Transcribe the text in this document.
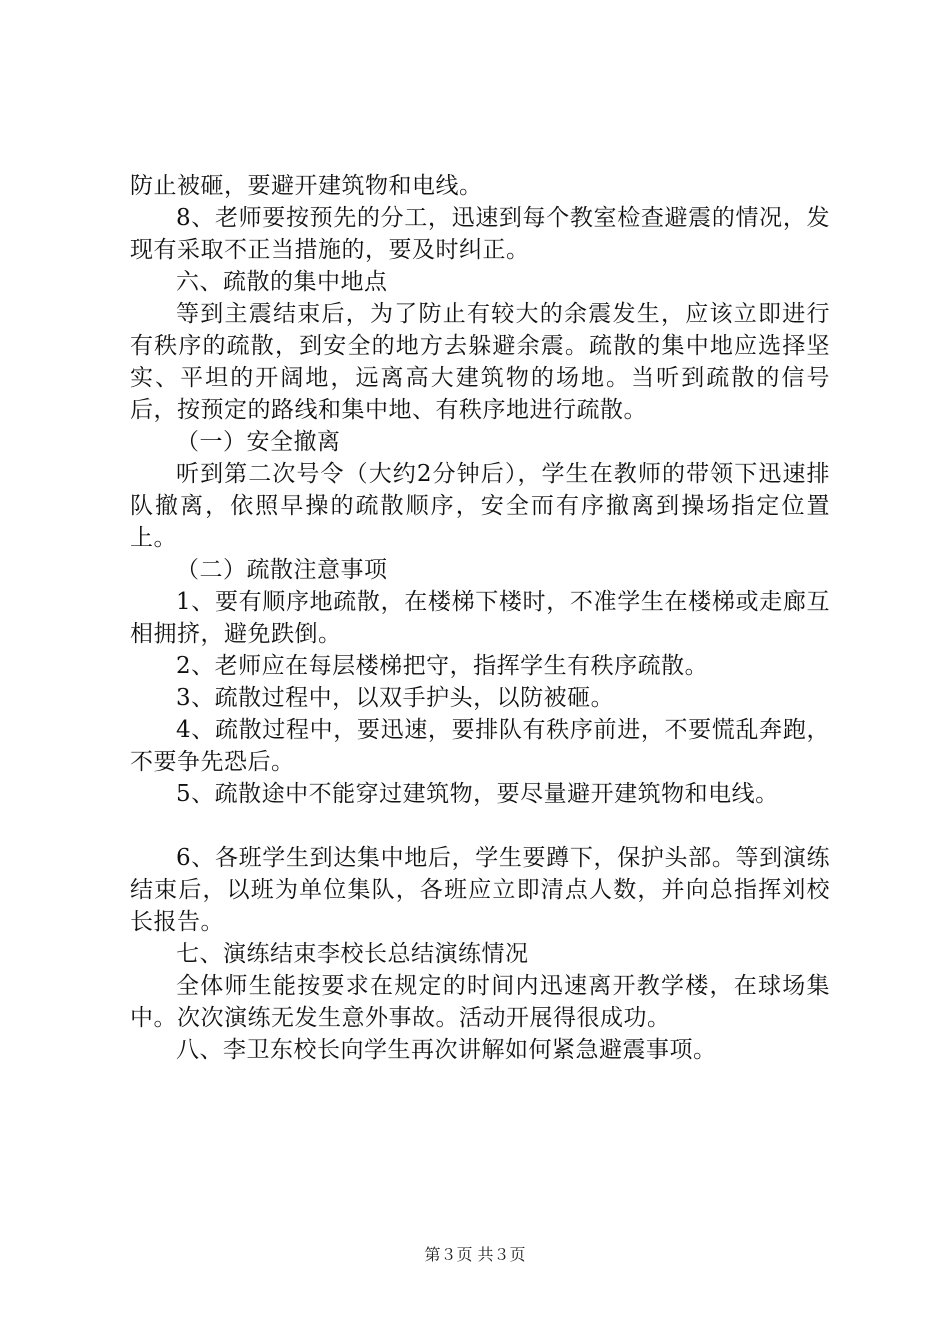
防止被砸，要避开建筑物和电线。

8、老师要按预先的分工，迅速到每个教室检查避震的情况，发现有采取不正当措施的，要及时纠正。

六、疏散的集中地点

等到主震结束后，为了防止有较大的余震发生，应该立即进行有秩序的疏散，到安全的地方去躲避余震。疏散的集中地应选择坚实、平坦的开阔地，远离高大建筑物的场地。当听到疏散的信号后，按预定的路线和集中地、有秩序地进行疏散。

（一）安全撤离

听到第二次号令（大约2分钟后），学生在教师的带领下迅速排队撤离，依照早操的疏散顺序，安全而有序撤离到操场指定位置上。

（二）疏散注意事项

1、要有顺序地疏散，在楼梯下楼时，不准学生在楼梯或走廊互相拥挤，避免跌倒。

2、老师应在每层楼梯把守，指挥学生有秩序疏散。

3、疏散过程中，以双手护头，以防被砸。

4、疏散过程中，要迅速，要排队有秩序前进，不要慌乱奔跑，不要争先恐后。

5、疏散途中不能穿过建筑物，要尽量避开建筑物和电线。

6、各班学生到达集中地后，学生要蹲下，保护头部。等到演练结束后，以班为单位集队，各班应立即清点人数，并向总指挥刘校长报告。

七、演练结束李校长总结演练情况

全体师生能按要求在规定的时间内迅速离开教学楼，在球场集中。次次演练无发生意外事故。活动开展得很成功。

八、李卫东校长向学生再次讲解如何紧急避震事项。

第３页 共３页
